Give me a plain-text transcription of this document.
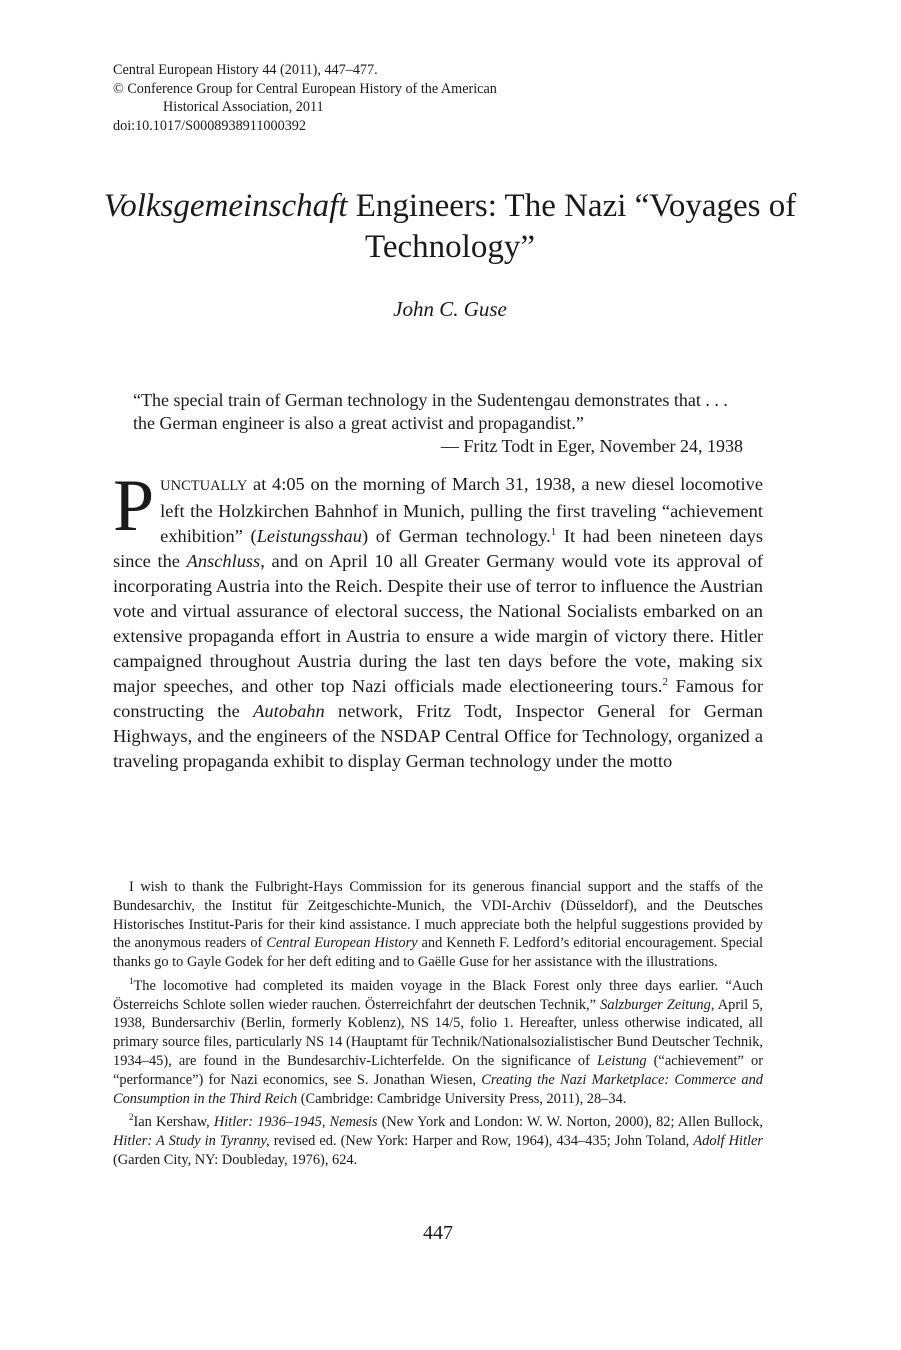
Central European History 44 (2011), 447–477.
© Conference Group for Central European History of the American
Historical Association, 2011
doi:10.1017/S0008938911000392
Volksgemeinschaft Engineers: The Nazi “Voyages of Technology”
John C. Guse
“The special train of German technology in the Sudentengau demonstrates that . . . the German engineer is also a great activist and propagandist.”
— Fritz Todt in Eger, November 24, 1938
PUNCTUALLY at 4:05 on the morning of March 31, 1938, a new diesel locomotive left the Holzkirchen Bahnhof in Munich, pulling the first traveling “achievement exhibition” (Leistungsshau) of German technology.$^1$ It had been nineteen days since the Anschluss, and on April 10 all Greater Germany would vote its approval of incorporating Austria into the Reich. Despite their use of terror to influence the Austrian vote and virtual assurance of electoral success, the National Socialists embarked on an extensive propaganda effort in Austria to ensure a wide margin of victory there. Hitler campaigned throughout Austria during the last ten days before the vote, making six major speeches, and other top Nazi officials made electioneering tours.$^2$ Famous for constructing the Autobahn network, Fritz Todt, Inspector General for German Highways, and the engineers of the NSDAP Central Office for Technology, organized a traveling propaganda exhibit to display German technology under the motto

I wish to thank the Fulbright-Hays Commission for its generous financial support and the staffs of the Bundesarchiv, the Institut für Zeitgeschichte-Munich, the VDI-Archiv (Düsseldorf), and the Deutsches Historisches Institut-Paris for their kind assistance. I much appreciate both the helpful suggestions provided by the anonymous readers of Central European History and Kenneth F. Ledford’s editorial encouragement. Special thanks go to Gayle Godek for her deft editing and to Gaëlle Guse for her assistance with the illustrations.

$^1$The locomotive had completed its maiden voyage in the Black Forest only three days earlier. “Auch Österreichs Schlote sollen wieder rauchen. Österreichfahrt der deutschen Technik,” Salzburger Zeitung, April 5, 1938, Bundersarchiv (Berlin, formerly Koblenz), NS 14/5, folio 1. Hereafter, unless otherwise indicated, all primary source files, particularly NS 14 (Hauptamt für Technik/Nationalsozialistischer Bund Deutscher Technik, 1934–45), are found in the Bundesarchiv-Lichterfelde. On the significance of Leistung (“achievement” or “performance”) for Nazi economics, see S. Jonathan Wiesen, Creating the Nazi Marketplace: Commerce and Consumption in the Third Reich (Cambridge: Cambridge University Press, 2011), 28–34.

$^2$Ian Kershaw, Hitler: 1936–1945, Nemesis (New York and London: W. W. Norton, 2000), 82; Allen Bullock, Hitler: A Study in Tyranny, revised ed. (New York: Harper and Row, 1964), 434–435; John Toland, Adolf Hitler (Garden City, NY: Doubleday, 1976), 624.

447
